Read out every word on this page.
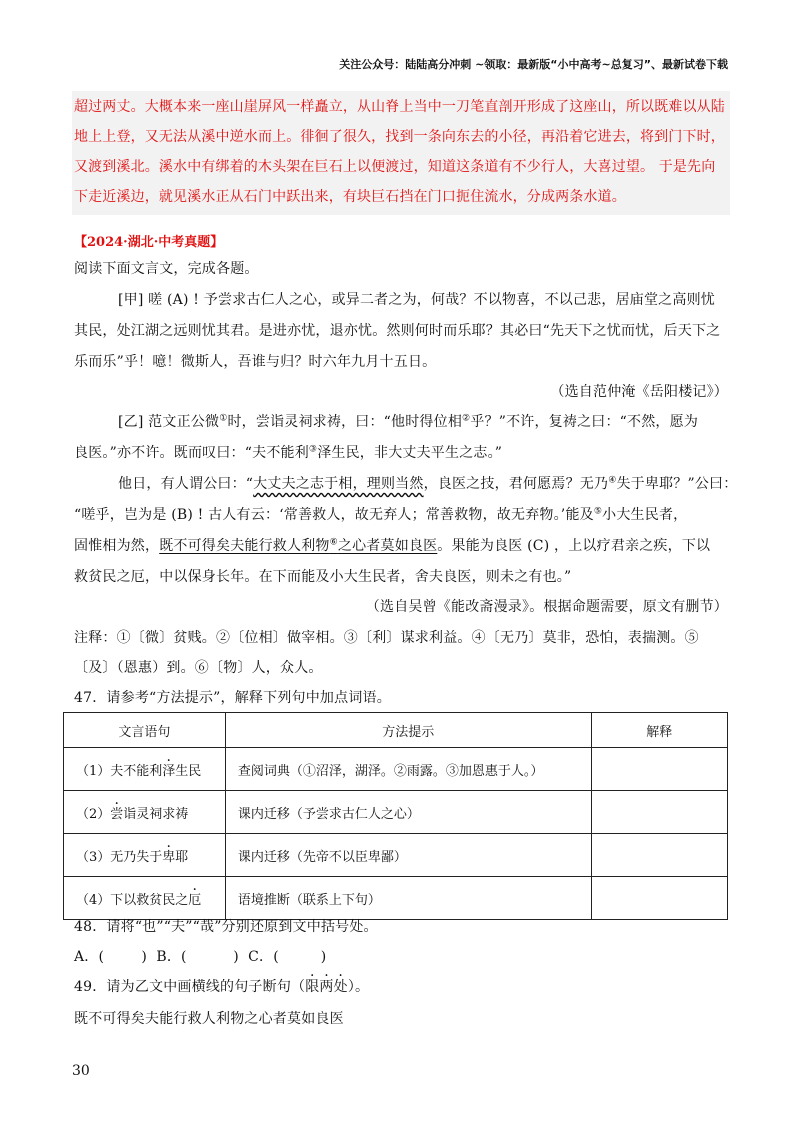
关注公众号：陆陆高分冲刺 ~领取：最新版“小中高考~总复习”、最新试卷下载
超过两丈。大概本来一座山崖屏风一样矗立，从山脊上当中一刀笔直剖开形成了这座山，所以既难以从陆
地上上登，又无法从溪中逆水而上。徘徊了很久，找到一条向东去的小径，再沿着它进去，将到门下时，
又渡到溪北。溪水中有绑着的木头架在巨石上以便渡过，知道这条道有不少行人，大喜过望。 于是先向
下走近溪边，就见溪水正从石门中跃出来，有块巨石挡在门口扼住流水，分成两条水道。
【2024·湖北·中考真题】
阅读下面文言文，完成各题。
[甲] 嗟 (A) ! 予尝求古仁人之心，或异二者之为，何哉？不以物喜，不以己悲，居庙堂之高则忧
其民，处江湖之远则忧其君。是进亦忧，退亦忧。然则何时而乐耶？其必曰“先天下之忧而忧，后天下之
乐而乐”乎！噫！微斯人，吾谁与归？时六年九月十五日。
（选自范仲淹《岳阳楼记》）
[乙] 范文正公微①时，尝诣灵祠求祷，曰：“他时得位相②乎？”不许，复祷之曰：“不然，愿为
良医。”亦不许。既而叹曰：“夫不能利③泽生民，非大丈夫平生之志。”
他日，有人谓公曰：“大丈夫之志于相，理则当然，良医之技，君何愿焉？无乃④失于卑耶？”公曰：
“嗟乎，岂为是 (B) ! 古人有云：‘常善救人，故无弃人；常善救物，故无弃物。’能及⑤小大生民者，
固惟相为然，既不可得矣夫能行救人利物⑥之心者莫如良医。果能为良医 (C) ，上以疗君亲之疾，下以
救贫民之厄，中以保身长年。在下而能及小大生民者，舍夫良医，则未之有也。”
（选自吴曾《能改斋漫录》。根据命题需要，原文有删节）
注释：①〔微〕贫贱。②〔位相〕做宰相。③〔利〕谋求利益。④〔无乃〕莫非，恐怕，表揣测。⑤
〔及〕（恩惠）到。⑥〔物〕人，众人。
47．请参考“方法提示”，解释下列句中加点词语。
文言语句	方法提示	解释
（1）夫不能利泽生民	查阅词典（①沼泽，湖泽。②雨露。③加恩惠于人。）	
（2）尝诣灵祠求祷	课内迁移（予尝求古仁人之心）	
（3）无乃失于卑耶	课内迁移（先帝不以臣卑鄙）	
（4）下以救贫民之厄	语境推断（联系上下句）	
48．请将“也”“夫”“哉”分别还原到文中括号处。
A．(        )  B．(          )  C．(         )
49．请为乙文中画横线的句子断句（限两处）。
既不可得矣夫能行救人利物之心者莫如良医
30
